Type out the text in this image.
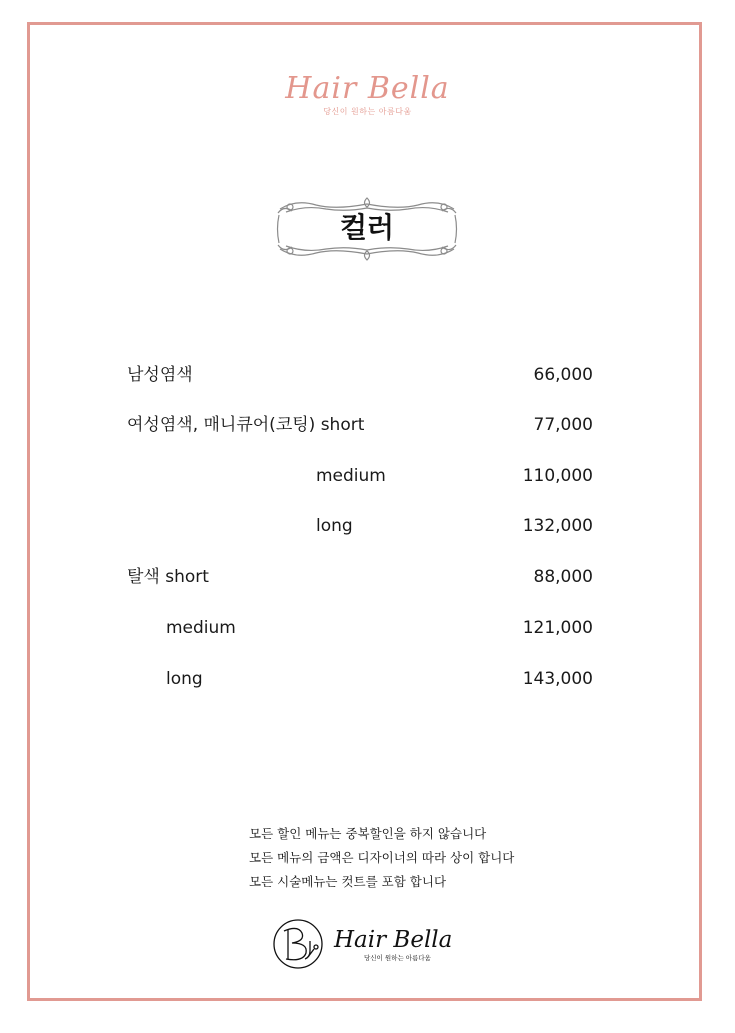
Hair Bella
당신이 원하는 아름다움
컬러
남성염색	66,000
여성염색, 매니큐어(코팅) short	77,000
medium	110,000
long	132,000
탈색 short	88,000
medium	121,000
long	143,000
모든 할인 메뉴는 중복할인을 하지 않습니다
모든 메뉴의 금액은 디자이너의 따라 상이 합니다
모든 시술메뉴는 컷트를 포함 합니다
Hair Bella
당신이 원하는 아름다움
